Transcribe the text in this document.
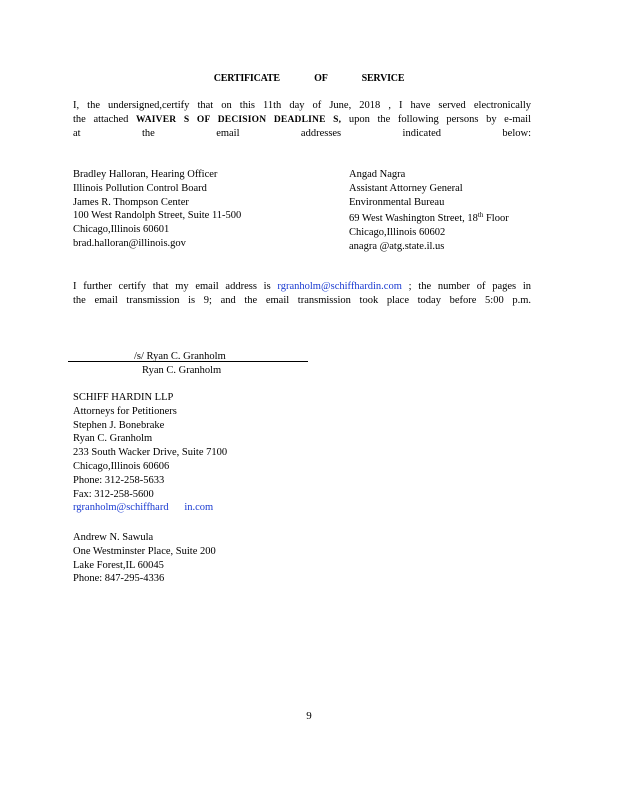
CERTIFICATE OF SERVICE
I, the undersigned,certify that on this 11th day of June, 2018 , I have served electronically
the attached WAIVER S OF DECISION DEADLINE S, upon the following persons by e-mail
at the email addresses indicated below:
Bradley Halloran, Hearing Officer
Illinois Pollution Control Board
James R. Thompson Center
100 West Randolph Street, Suite 11-500
Chicago,Illinois 60601
brad.halloran@illinois.gov
Angad Nagra
Assistant Attorney General
Environmental Bureau
69 West Washington Street, 18th Floor
Chicago,Illinois 60602
anagra @atg.state.il.us
I further certify that my email address is rgranholm@schiffhardin.com ; the number of pages in
the email transmission is 9; and the email transmission took place today before 5:00 p.m.
/s/ Ryan C. Granholm
Ryan C. Granholm
SCHIFF HARDIN LLP
Attorneys for Petitioners
Stephen J. Bonebrake
Ryan C. Granholm
233 South Wacker Drive, Suite 7100
Chicago,Illinois 60606
Phone: 312-258-5633
Fax: 312-258-5600
rgranholm@schiffhard in.com
Andrew N. Sawula
One Westminster Place, Suite 200
Lake Forest,IL 60045
Phone: 847-295-4336
9
